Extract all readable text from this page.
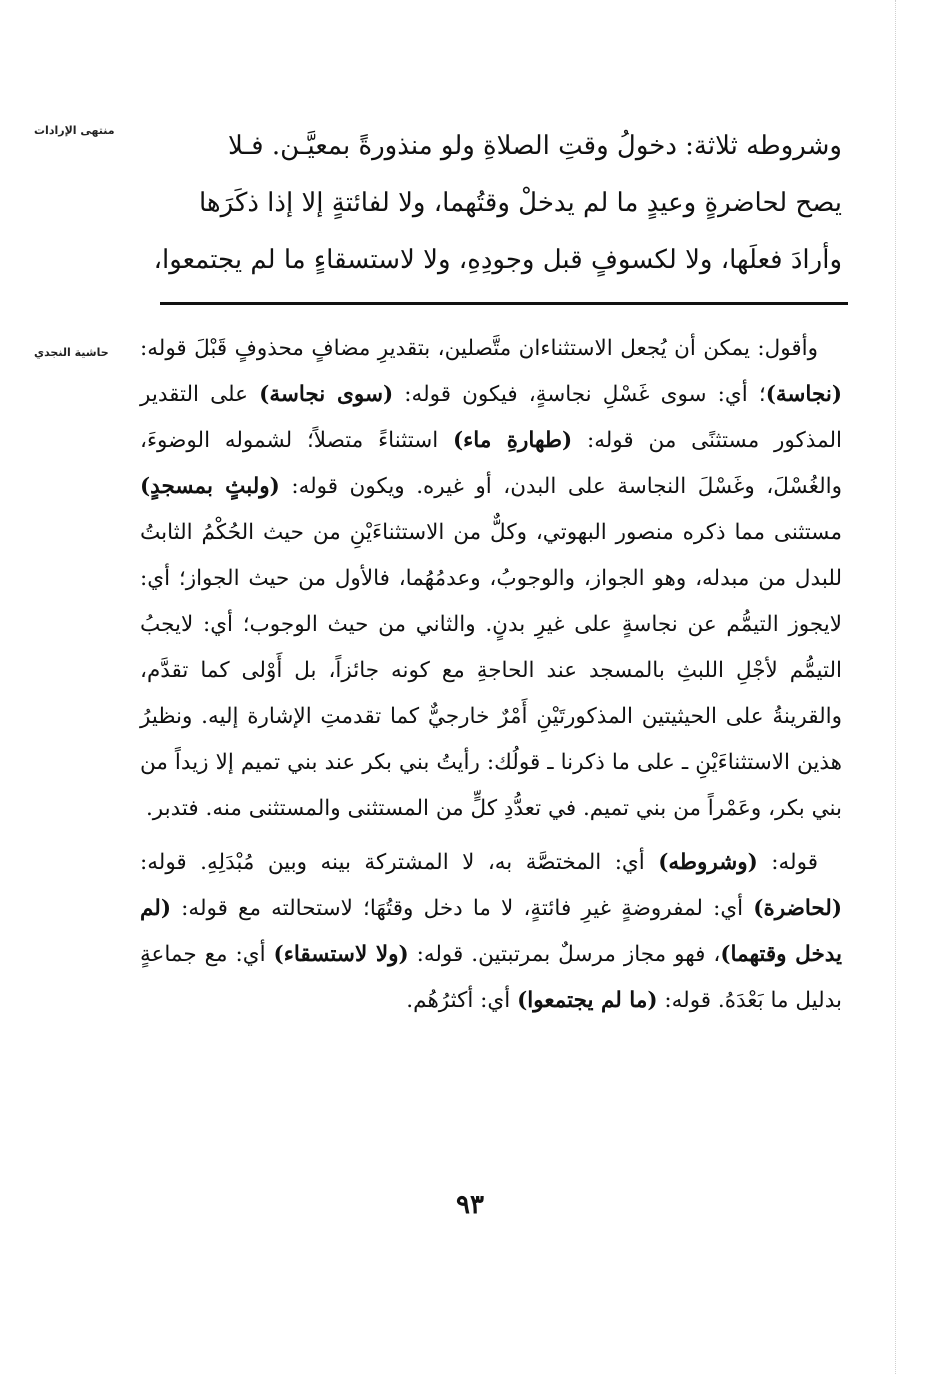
منتهى الإرادات
حاشية النجدي

وشروطه ثلاثة: دخولُ وقتِ الصلاةِ ولو منذورةً بمعيَّـن. فـلا

يصح لحاضرةٍ وعيدٍ ما لم يدخلْ وقتُهما، ولا لفائتةٍ إلا إذا ذكَرَها

وأرادَ فعلَها، ولا لكسوفٍ قبل وجودِهِ، ولا لاستسقاءٍ ما لم يجتمعوا،

وأقول: يمكن أن يُجعل الاستثناءان متَّصلين، بتقديرِ مضافٍ محذوفٍ قَبْلَ قوله: (نجاسة)؛ أي: سوى غَسْلِ نجاسةٍ، فيكون قوله: (سوى نجاسة) على التقدير المذكور مستثنًى من قوله: (طهارةِ ماء) استثناءً متصلاً؛ لشموله الوضوءَ، والغُسْلَ، وغَسْلَ النجاسة على البدن، أو غيره. ويكون قوله: (ولبثٍ بمسجدٍ) مستثنى مما ذكره منصور البهوتي، وكلٌّ من الاستثناءَيْنِ من حيث الحُكْمُ الثابتُ للبدل من مبدله، وهو الجواز، والوجوبُ، وعدمُهُما، فالأول من حيث الجواز؛ أي: لايجوز التيمُّم عن نجاسةٍ على غيرِ بدنٍ. والثاني من حيث الوجوب؛ أي: لايجبُ التيمُّم لأجْلِ اللبثِ بالمسجد عند الحاجةِ مع كونه جائزاً، بل أَوْلى كما تقدَّم، والقرينةُ على الحيثيتين المذكورتَيْنِ أَمْرٌ خارجيٌّ كما تقدمتِ الإشارة إليه. ونظيرُ هذين الاستثناءَيْنِ ـ على ما ذكرنا ـ قولُك: رأيتُ بني بكر عند بني تميم إلا زيداً من بني بكر، وعَمْراً من بني تميم. في تعدُّدِ كلٍّ من المستثنى والمستثنى منه. فتدبر.

قوله: (وشروطه) أي: المختصَّة به، لا المشتركة بينه وبين مُبْدَلِهِ. قوله: (لحاضرة) أي: لمفروضةٍ غيرِ فائتةٍ، لا ما دخل وقتُهَا؛ لاستحالته مع قوله: (لم يدخل وقتهما)، فهو مجاز مرسلٌ بمرتبتين. قوله: (ولا لاستسقاء) أي: مع جماعةٍ بدليل ما بَعْدَهُ. قوله: (ما لم يجتمعوا) أي: أكثرُهُم.

٩٣
